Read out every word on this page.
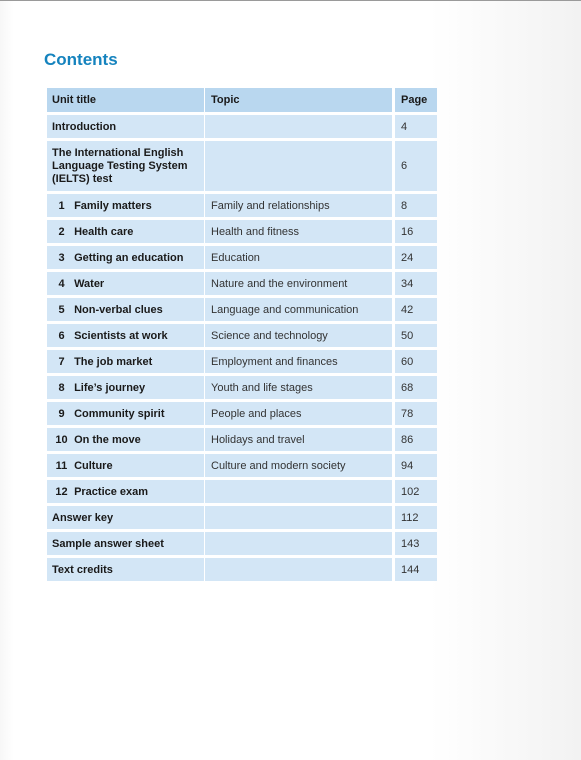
Contents
Unit title		Topic		Page
Introduction				4
The International English Language Testing System (IELTS) test				6
1 Family matters		Family and relationships		8
2 Health care		Health and fitness		16
3 Getting an education		Education		24
4 Water		Nature and the environment		34
5 Non-verbal clues		Language and communication		42
6 Scientists at work		Science and technology		50
7 The job market		Employment and finances		60
8 Life’s journey		Youth and life stages		68
9 Community spirit		People and places		78
10 On the move		Holidays and travel		86
11 Culture		Culture and modern society		94
12 Practice exam				102
Answer key				112
Sample answer sheet				143
Text credits				144
